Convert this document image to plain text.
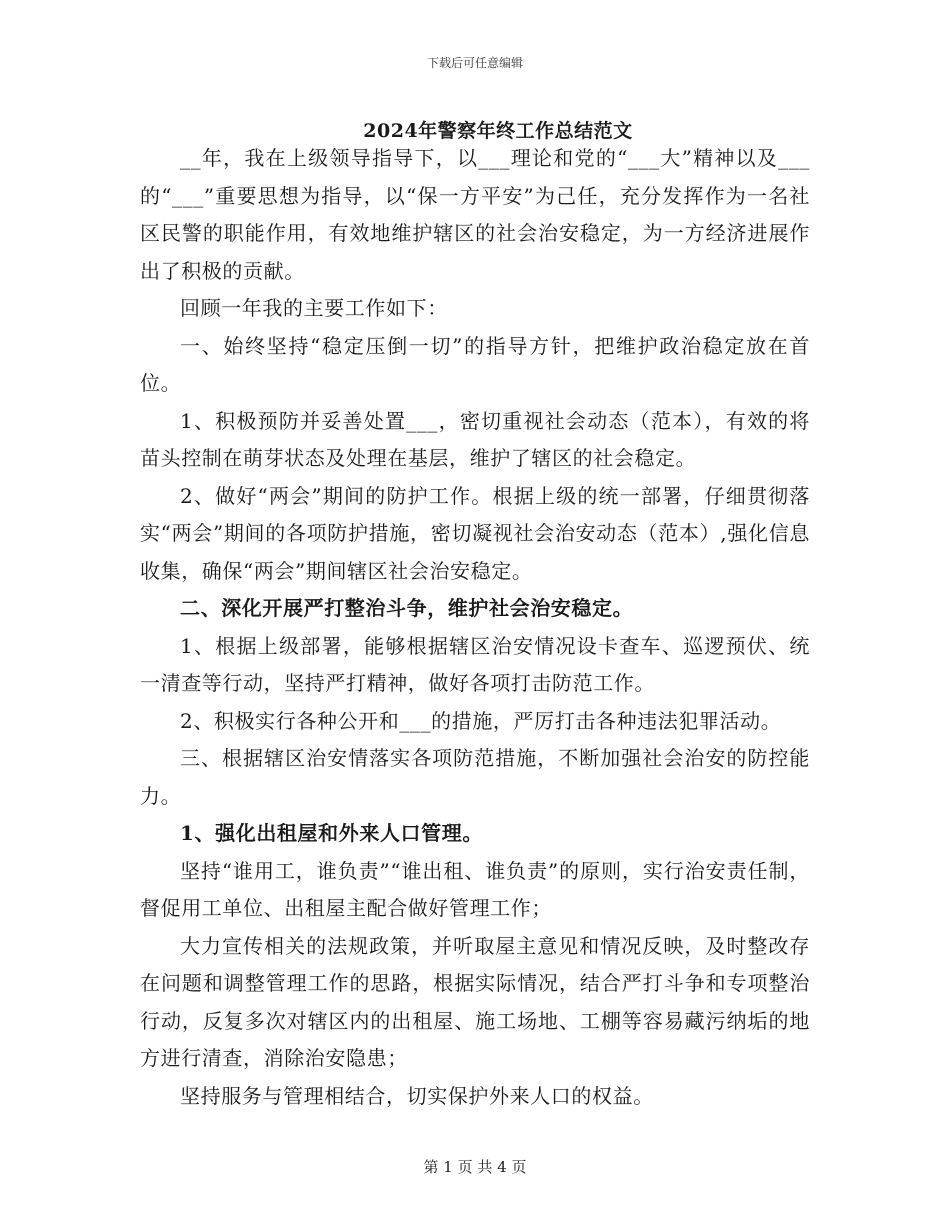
下载后可任意编辑
2024年警察年终工作总结范文

__年，我在上级领导指导下，以___理论和党的“___大”精神以及___的“___”重要思想为指导，以“保一方平安”为己任，充分发挥作为一名社区民警的职能作用，有效地维护辖区的社会治安稳定，为一方经济进展作出了积极的贡献。

回顾一年我的主要工作如下：

一、始终坚持“稳定压倒一切”的指导方针，把维护政治稳定放在首位。

1、积极预防并妥善处置___，密切重视社会动态（范本），有效的将苗头控制在萌芽状态及处理在基层，维护了辖区的社会稳定。

2、做好“两会”期间的防护工作。根据上级的统一部署，仔细贯彻落实“两会”期间的各项防护措施，密切凝视社会治安动态（范本）,强化信息收集，确保“两会”期间辖区社会治安稳定。

二、深化开展严打整治斗争，维护社会治安稳定。

1、根据上级部署，能够根据辖区治安情况设卡查车、巡逻预伏、统一清查等行动，坚持严打精神，做好各项打击防范工作。

2、积极实行各种公开和___的措施，严厉打击各种违法犯罪活动。

三、根据辖区治安情落实各项防范措施，不断加强社会治安的防控能力。

1、强化出租屋和外来人口管理。

坚持“谁用工，谁负责”“谁出租、谁负责”的原则，实行治安责任制，督促用工单位、出租屋主配合做好管理工作；

大力宣传相关的法规政策，并听取屋主意见和情况反映，及时整改存在问题和调整管理工作的思路，根据实际情况，结合严打斗争和专项整治行动，反复多次对辖区内的出租屋、施工场地、工棚等容易藏污纳垢的地方进行清查，消除治安隐患；

坚持服务与管理相结合，切实保护外来人口的权益。

第 1 页 共 4 页
